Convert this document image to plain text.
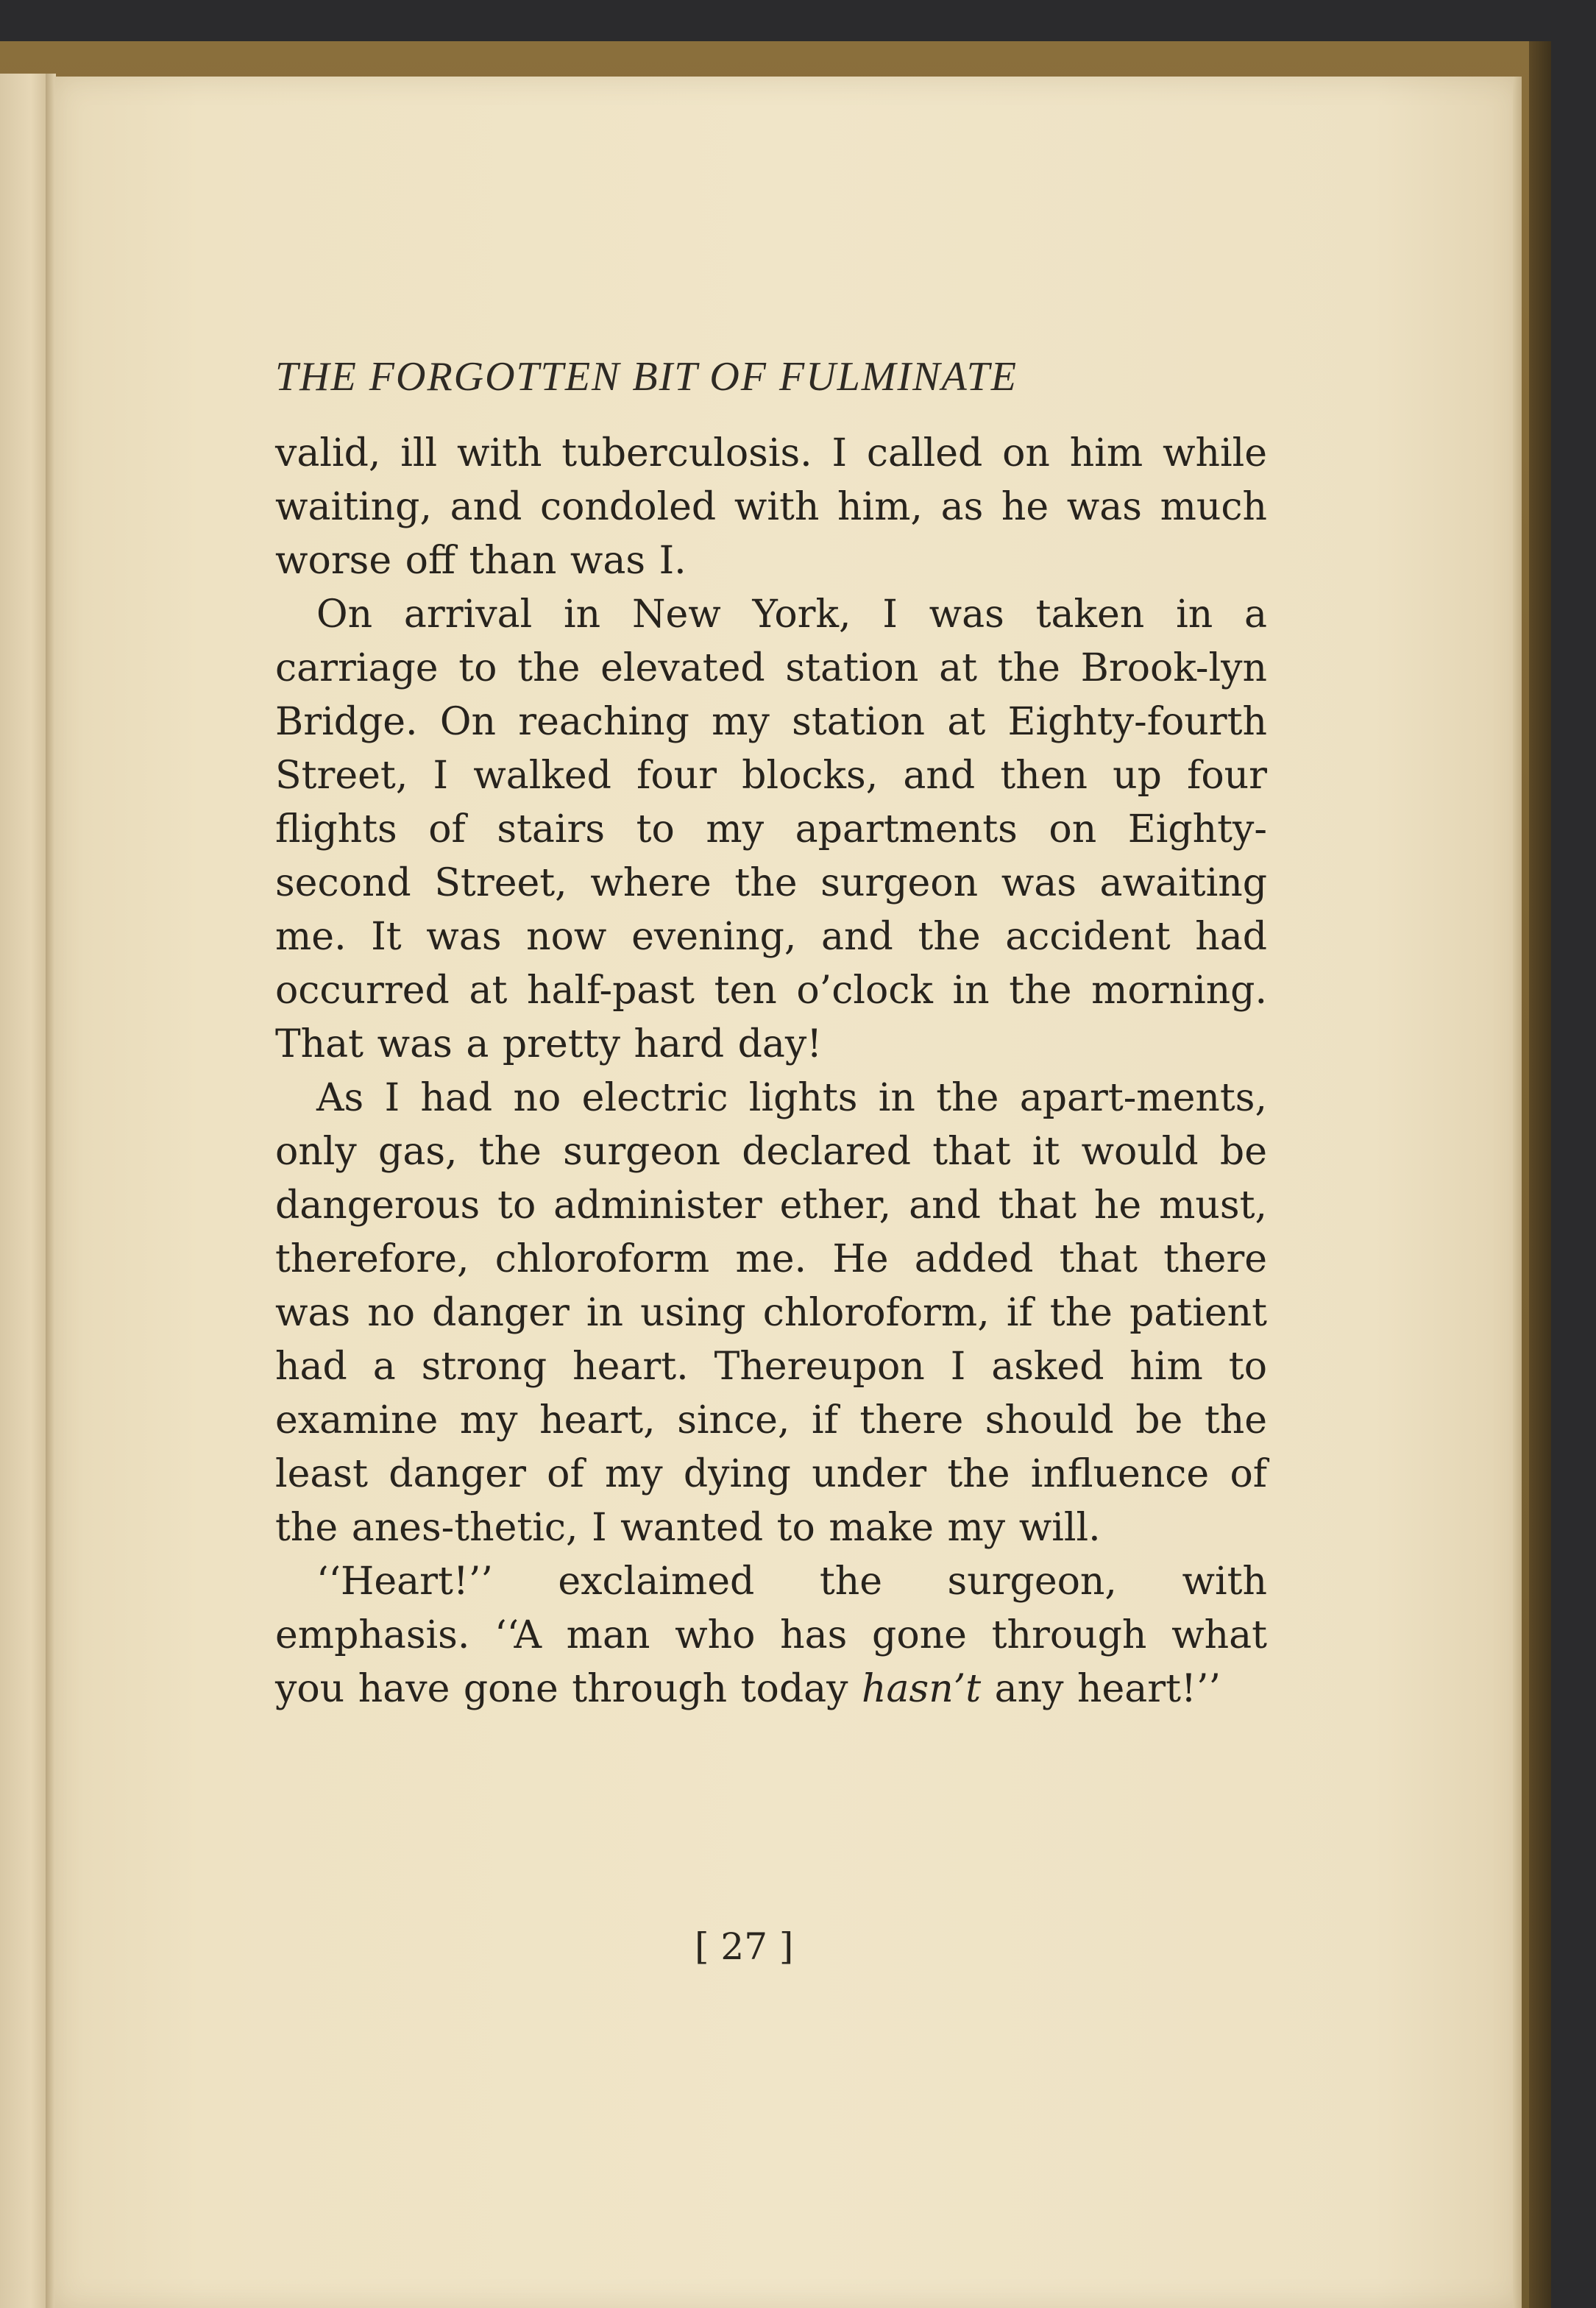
THE FORGOTTEN BIT OF FULMINATE

valid, ill with tuberculosis. I called on him while waiting, and condoled with him, as he was much worse off than was I.

On arrival in New York, I was taken in a carriage to the elevated station at the Brook-lyn Bridge. On reaching my station at Eighty-fourth Street, I walked four blocks, and then up four flights of stairs to my apartments on Eighty-second Street, where the surgeon was awaiting me. It was now evening, and the accident had occurred at half-past ten o’clock in the morning. That was a pretty hard day!

As I had no electric lights in the apart-ments, only gas, the surgeon declared that it would be dangerous to administer ether, and that he must, therefore, chloroform me. He added that there was no danger in using chloroform, if the patient had a strong heart. Thereupon I asked him to examine my heart, since, if there should be the least danger of my dying under the influence of the anes-thetic, I wanted to make my will.

‘‘Heart!’’ exclaimed the surgeon, with emphasis. ‘‘A man who has gone through what you have gone through today hasn’t any heart!’’

[ 27 ]
